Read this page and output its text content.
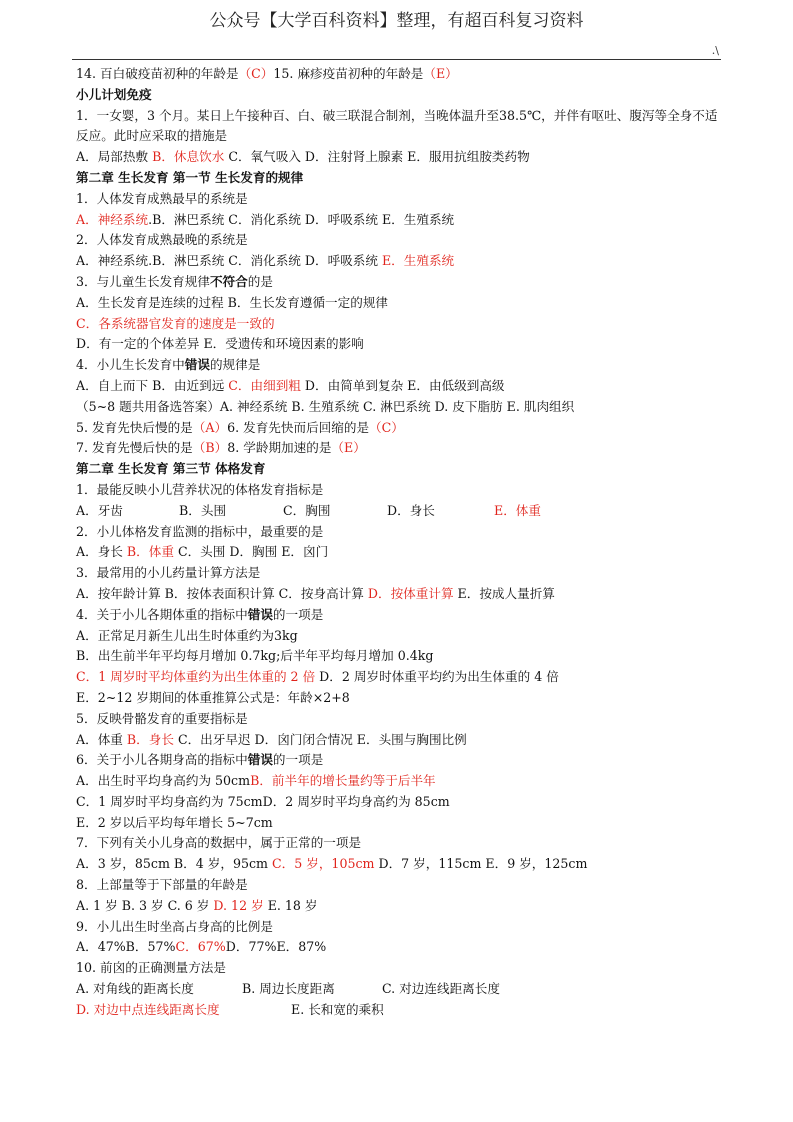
公众号【大学百科资料】整理，有超百科复习资料
.\
14. 百白破疫苗初种的年龄是（C）15. 麻疹疫苗初种的年龄是（E）
小儿计划免疫
1．一女婴，3 个月。某日上午接种百、白、破三联混合制剂，当晚体温升至38.5℃，并伴有呕吐、腹泻等全身不适反应。此时应采取的措施是
A．局部热敷 B．休息饮水 C．氧气吸入 D．注射肾上腺素 E．服用抗组胺类药物
第二章 生长发育 第一节 生长发育的规律
1．人体发育成熟最早的系统是
A．神经系统.B．淋巴系统 C．消化系统 D．呼吸系统 E．生殖系统
2．人体发育成熟最晚的系统是
A．神经系统.B．淋巴系统 C．消化系统 D．呼吸系统 E．生殖系统
3．与儿童生长发育规律不符合的是
A．生长发育是连续的过程 B．生长发育遵循一定的规律
C．各系统器官发育的速度是一致的
D．有一定的个体差异 E．受遗传和环境因素的影响
4．小儿生长发育中错误的规律是
A．自上而下 B．由近到远 C．由细到粗 D．由简单到复杂 E．由低级到高级
（5~8 题共用备选答案）A. 神经系统 B. 生殖系统 C. 淋巴系统 D. 皮下脂肪 E. 肌肉组织
5. 发育先快后慢的是（A）6. 发育先快而后回缩的是（C）
7. 发育先慢后快的是（B）8. 学龄期加速的是（E）
第二章 生长发育 第三节 体格发育
1．最能反映小儿营养状况的体格发育指标是
A．牙齿	B．头围	C．胸围	D．身长	E．体重
2．小儿体格发育监测的指标中，最重要的是
A．身长 B．体重 C．头围 D．胸围 E．囟门
3．最常用的小儿药量计算方法是
A．按年龄计算 B．按体表面积计算 C．按身高计算 D．按体重计算 E．按成人量折算
4．关于小儿各期体重的指标中错误的一项是
A．正常足月新生儿出生时体重约为3kg
B．出生前半年平均每月增加 0.7kg;后半年平均每月增加 0.4kg
C．1 周岁时平均体重约为出生体重的 2 倍 D．2 周岁时体重平均约为出生体重的 4 倍
E．2~12 岁期间的体重推算公式是：年龄×2+8
5．反映骨骼发育的重要指标是
A．体重 B．身长 C．出牙早迟 D．囟门闭合情况 E．头围与胸围比例
6．关于小儿各期身高的指标中错误的一项是
A．出生时平均身高约为 50cmB．前半年的增长量约等于后半年
C．1 周岁时平均身高约为 75cmD．2 周岁时平均身高约为 85cm
E．2 岁以后平均每年增长 5~7cm
7．下列有关小儿身高的数据中，属于正常的一项是
A．3 岁，85cm B．4 岁，95cm C．5 岁，105cm D．7 岁，115cm E．9 岁，125cm
8．上部量等于下部量的年龄是
A. 1 岁 B. 3 岁 C. 6 岁 D. 12 岁 E. 18 岁
9．小儿出生时坐高占身高的比例是
A．47%B．57%C．67%D．77%E．87%
10. 前囟的正确测量方法是
A. 对角线的距离长度	B. 周边长度距离	C. 对边连线距离长度
D. 对边中点连线距离长度	E. 长和宽的乘积
